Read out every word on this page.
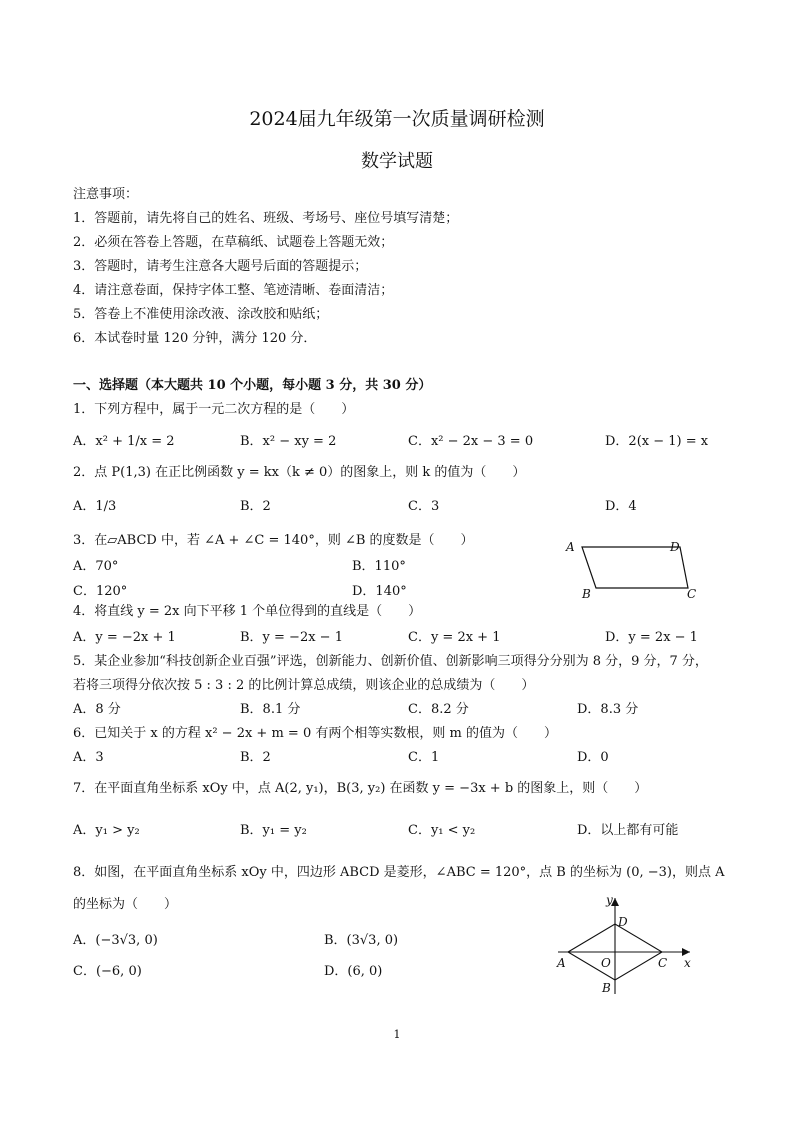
2024届九年级第一次质量调研检测
数学试题
注意事项：
1．答题前，请先将自己的姓名、班级、考场号、座位号填写清楚；
2．必须在答卷上答题，在草稿纸、试题卷上答题无效；
3．答题时，请考生注意各大题号后面的答题提示；
4．请注意卷面，保持字体工整、笔迹清晰、卷面清洁；
5．答卷上不准使用涂改液、涂改胶和贴纸；
6．本试卷时量 120 分钟，满分 120 分．
一、选择题（本大题共 10 个小题，每小题 3 分，共 30 分）
1．下列方程中，属于一元二次方程的是（　　）
A．x² + 1/x = 2	B．x² − xy = 2	C．x² − 2x − 3 = 0	D．2(x − 1) = x
2．点 P(1,3) 在正比例函数 y = kx（k ≠ 0）的图象上，则 k 的值为（　　）
A．1/3	B．2	C．3	D．4
3．在▱ABCD 中，若 ∠A + ∠C = 140°，则 ∠B 的度数是（　　）
A．70°	B．110°
C．120°	D．140°
A	D
B	C
4．将直线 y = 2x 向下平移 1 个单位得到的直线是（　　）
A．y = −2x + 1	B．y = −2x − 1	C．y = 2x + 1	D．y = 2x − 1
5．某企业参加“科技创新企业百强”评选，创新能力、创新价值、创新影响三项得分分别为 8 分，9 分，7 分，
若将三项得分依次按 5 : 3 : 2 的比例计算总成绩，则该企业的总成绩为（　　）
A．8 分	B．8.1 分	C．8.2 分	D．8.3 分
6．已知关于 x 的方程 x² − 2x + m = 0 有两个相等实数根，则 m 的值为（　　）
A．3	B．2	C．1	D．0
7．在平面直角坐标系 xOy 中，点 A(2, y₁)，B(3, y₂) 在函数 y = −3x + b 的图象上，则（　　）
A．y₁ > y₂	B．y₁ = y₂	C．y₁ < y₂	D．以上都有可能
8．如图，在平面直角坐标系 xOy 中，四边形 ABCD 是菱形，∠ABC = 120°，点 B 的坐标为 (0, −3)，则点 A
的坐标为（　　）
A．(−3√3, 0)	B．(3√3, 0)
C．(−6, 0)	D．(6, 0)
y
D
A	O	C x
B
1
